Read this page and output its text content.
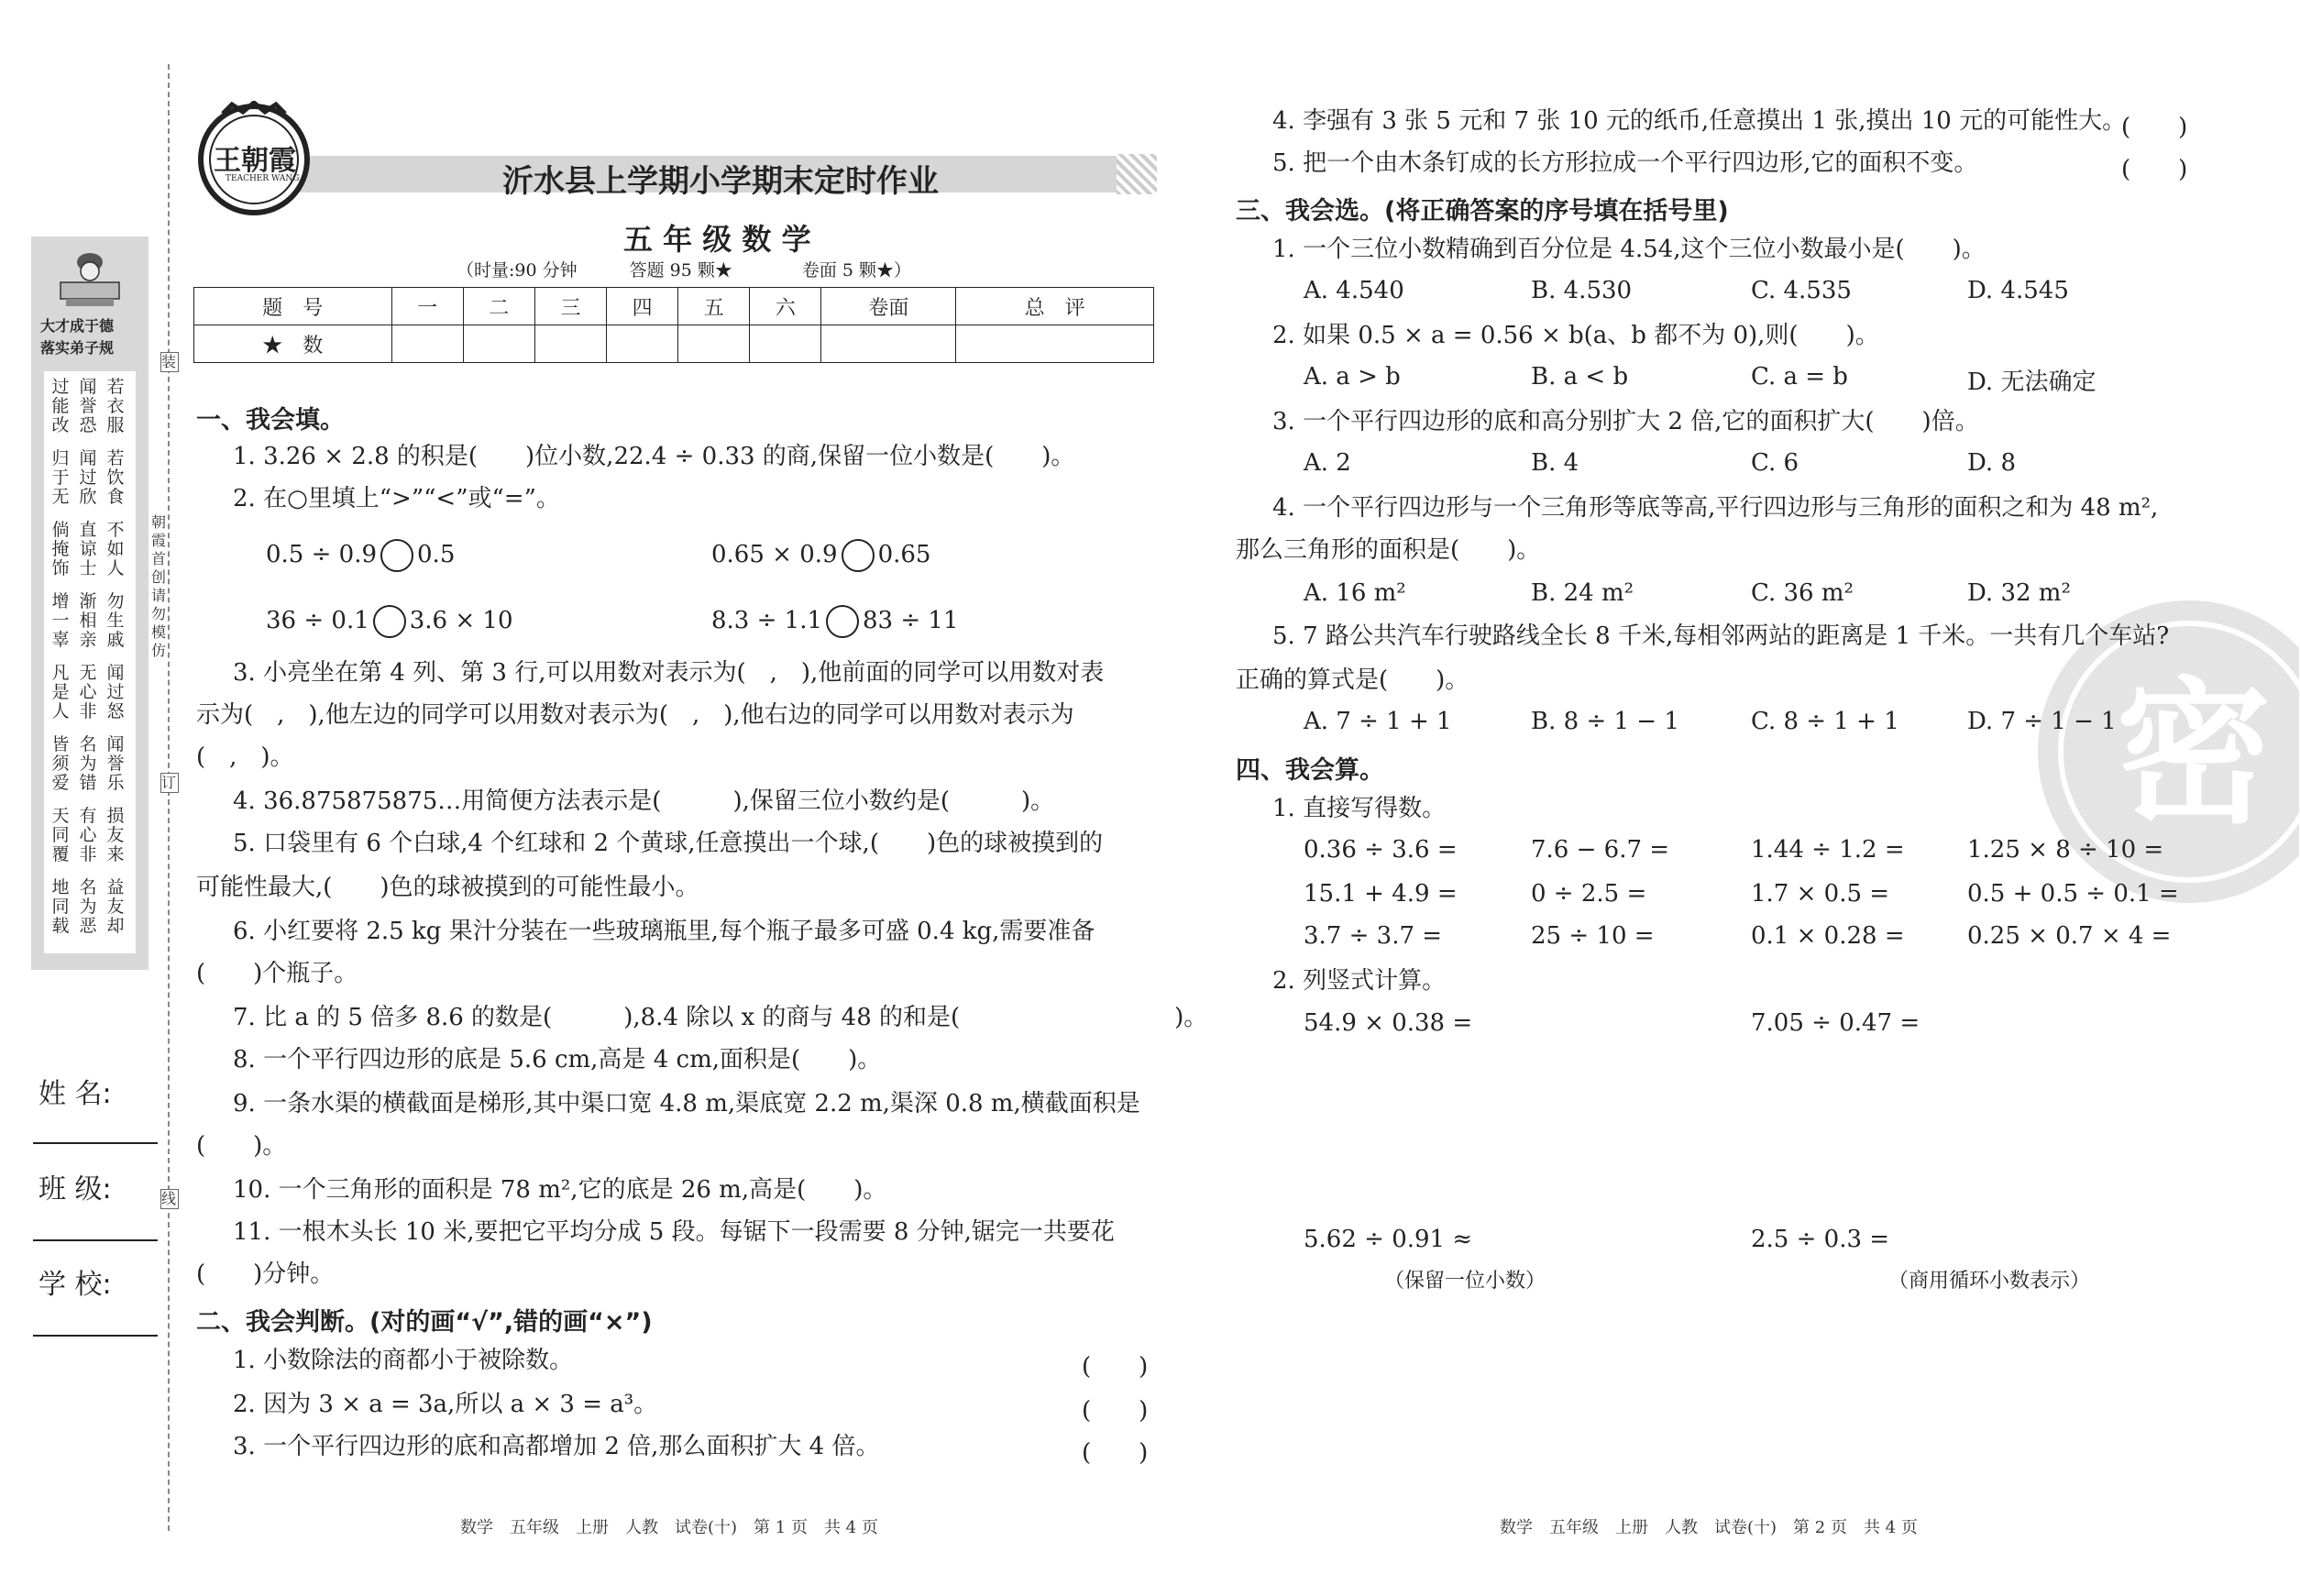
大才成于德
落实弟子规
过能改
闻誉恐
若衣服
归于无
闻过欣
若饮食
倘掩饰
直谅士
不如人
增一辜
渐相亲
勿生戚
凡是人
无心非
闻过怒
皆须爱
名为错
闻誉乐
天同覆
有心非
损友来
地同载
名为恶
益友却
装
朝霞首创　请勿模仿
订
线
姓 名:
班 级:
学 校:
王朝霞
TEACHER WANG	沂水县上学期小学期末定时作业
五 年 级 数 学
（时量:90 分钟　　　答题 95 颗★　　　　卷面 5 颗★）
题　号	一	二	三	四	五	六	卷面	总　评
★　数								
一、我会填。
1. 3.26 × 2.8 的积是(　　)位小数,22.4 ÷ 0.33 的商,保留一位小数是(　　)。
2. 在○里填上“>”“<”或“=”。
0.5 ÷ 0.9 0.5	0.65 × 0.9 0.65
36 ÷ 0.1 3.6 × 10	8.3 ÷ 1.1 83 ÷ 11
3. 小亮坐在第 4 列、第 3 行,可以用数对表示为(　,　),他前面的同学可以用数对表
示为(　,　),他左边的同学可以用数对表示为(　,　),他右边的同学可以用数对表示为
(　,　)。
4. 36.875875875…用简便方法表示是(　　　),保留三位小数约是(　　　)。
5. 口袋里有 6 个白球,4 个红球和 2 个黄球,任意摸出一个球,(　　)色的球被摸到的
可能性最大,(　　)色的球被摸到的可能性最小。
6. 小红要将 2.5 kg 果汁分装在一些玻璃瓶里,每个瓶子最多可盛 0.4 kg,需要准备
(　　)个瓶子。
7. 比 a 的 5 倍多 8.6 的数是(　　　),8.4 除以 x 的商与 48 的和是(　　　　　　　　　)。
8. 一个平行四边形的底是 5.6 cm,高是 4 cm,面积是(　　)。
9. 一条水渠的横截面是梯形,其中渠口宽 4.8 m,渠底宽 2.2 m,渠深 0.8 m,横截面积是
(　　)。
10. 一个三角形的面积是 78 m²,它的底是 26 m,高是(　　)。
11. 一根木头长 10 米,要把它平均分成 5 段。每锯下一段需要 8 分钟,锯完一共要花
(　　)分钟。
二、我会判断。(对的画“√”,错的画“×”)
1. 小数除法的商都小于被除数。	(　　)
2. 因为 3 × a = 3a,所以 a × 3 = a³。	(　　)
3. 一个平行四边形的底和高都增加 2 倍,那么面积扩大 4 倍。	(　　)
数学　五年级　上册　人教　试卷(十)　第 1 页　共 4 页
密
4. 李强有 3 张 5 元和 7 张 10 元的纸币,任意摸出 1 张,摸出 10 元的可能性大。
(　　)
5. 把一个由木条钉成的长方形拉成一个平行四边形,它的面积不变。	(　　)
三、我会选。(将正确答案的序号填在括号里)
1. 一个三位小数精确到百分位是 4.54,这个三位小数最小是(　　)。
2. 如果 0.5 × a = 0.56 × b(a、b 都不为 0),则(　　)。
3. 一个平行四边形的底和高分别扩大 2 倍,它的面积扩大(　　)倍。
4. 一个平行四边形与一个三角形等底等高,平行四边形与三角形的面积之和为 48 m²,
那么三角形的面积是(　　)。
5. 7 路公共汽车行驶路线全长 8 千米,每相邻两站的距离是 1 千米。一共有几个车站?
正确的算式是(　　)。
四、我会算。
1. 直接写得数。
2. 列竖式计算。
54.9 × 0.38 =	7.05 ÷ 0.47 =
5.62 ÷ 0.91 ≈	2.5 ÷ 0.3 =
（保留一位小数）	（商用循环小数表示）
数学　五年级　上册　人教　试卷(十)　第 2 页　共 4 页
A. 4.540	B. 4.530	C. 4.535	D. 4.545
A. a > b	B. a < b	C. a = b	D. 无法确定
A. 2	B. 4	C. 6	D. 8
A. 16 m²	B. 24 m²	C. 36 m²	D. 32 m²
A. 7 ÷ 1 + 1	B. 8 ÷ 1 − 1	C. 8 ÷ 1 + 1	D. 7 ÷ 1 − 1
0.36 ÷ 3.6 =	7.6 − 6.7 =	1.44 ÷ 1.2 =	1.25 × 8 ÷ 10 =
15.1 + 4.9 =	0 ÷ 2.5 =	1.7 × 0.5 =	0.5 + 0.5 ÷ 0.1 =
3.7 ÷ 3.7 =	25 ÷ 10 =	0.1 × 0.28 =	0.25 × 0.7 × 4 =
